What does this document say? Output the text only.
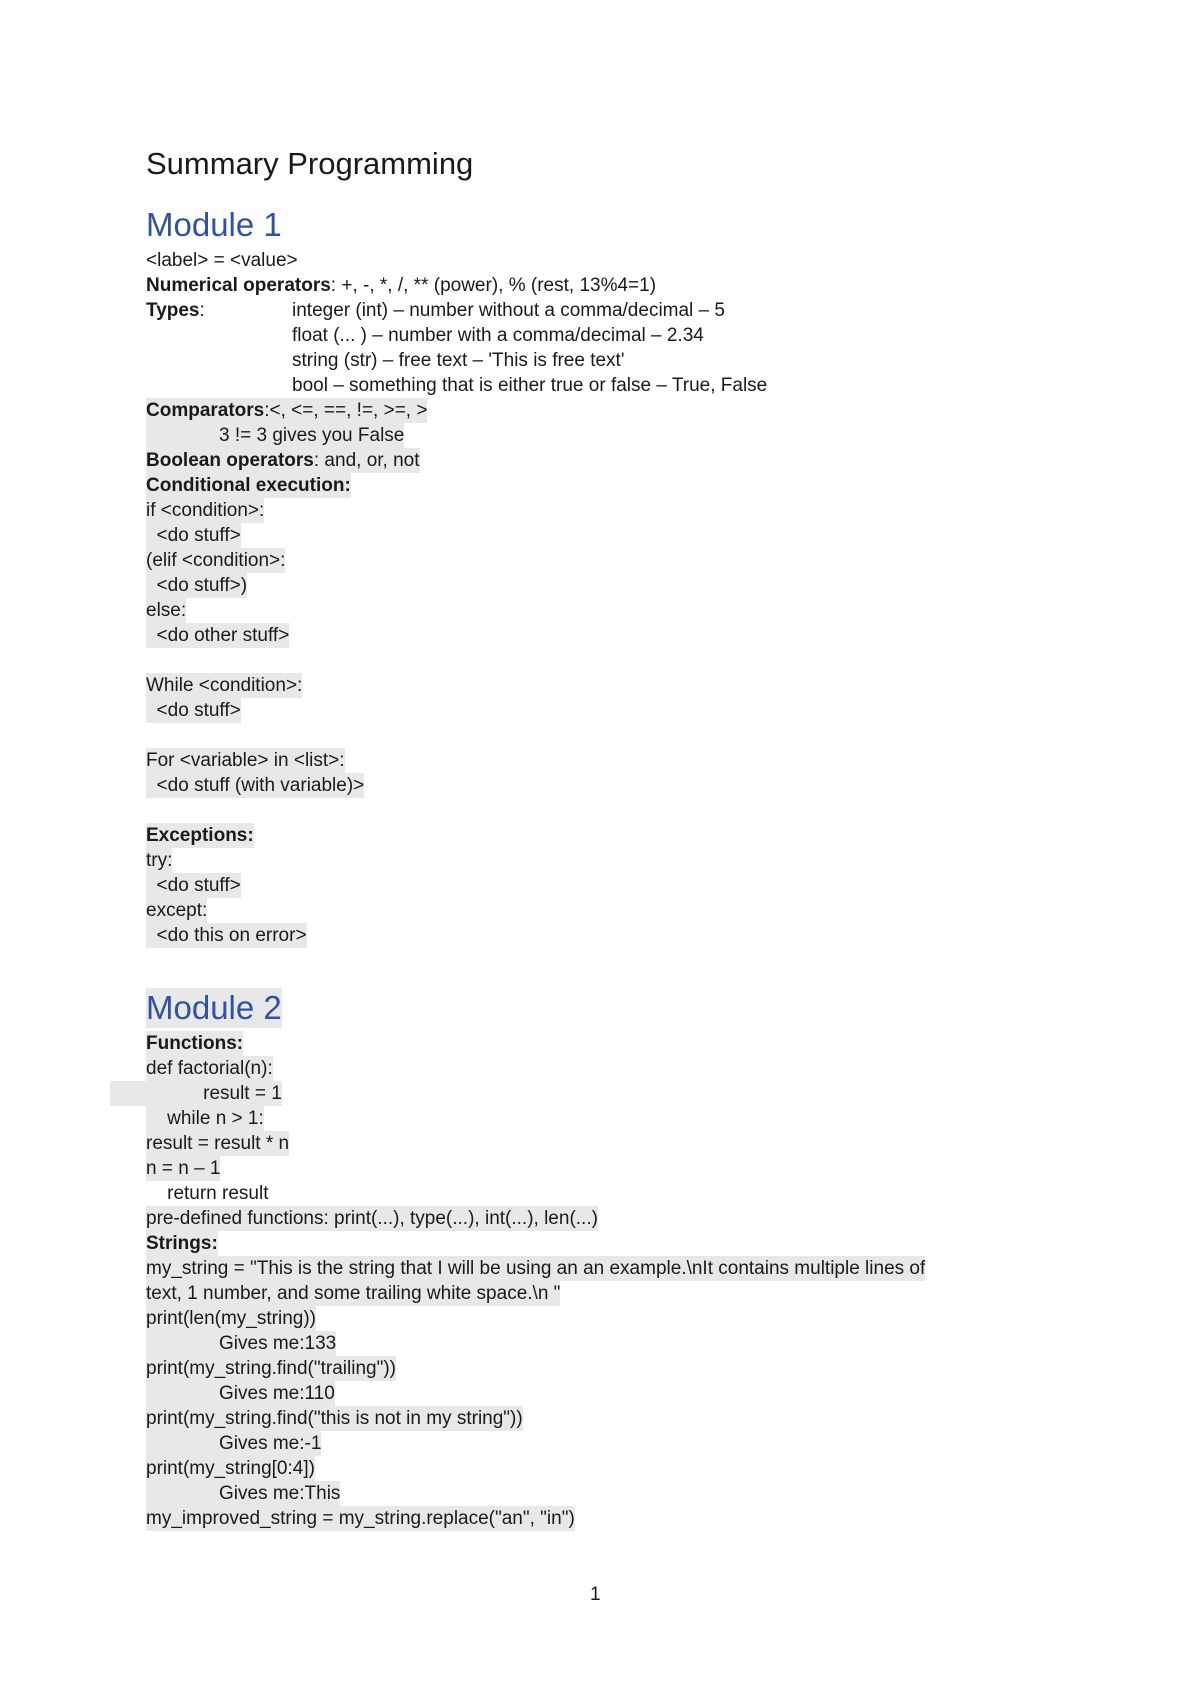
Summary Programming
Module 1
<label> = <value>
Numerical operators: +, -, *, /, ** (power), % (rest, 13%4=1)
Types:	integer (int) – number without a comma/decimal – 5
float (... ) – number with a comma/decimal – 2.34
string (str) – free text – 'This is free text'
bool – something that is either true or false – True, False
Comparators:<, <=, ==, !=, >=, >
3 != 3 gives you False
Boolean operators: and, or, not
Conditional execution:
if <condition>:
<do stuff>
(elif <condition>:
<do stuff>)
else:
<do other stuff>
While <condition>:
<do stuff>
For <variable> in <list>:
<do stuff (with variable)>
Exceptions:
try:
<do stuff>
except:
<do this on error>
Module 2
Functions:
def factorial(n):
result = 1
while n > 1:
result = result * n
n = n – 1
return result
pre-defined functions: print(...), type(...), int(...), len(...)
Strings:
my_string = "This is the string that I will be using an an example.\nIt contains multiple lines of
text, 1 number, and some trailing white space.\n "
print(len(my_string))
Gives me:133
print(my_string.find("trailing"))
Gives me:110
print(my_string.find("this is not in my string"))
Gives me:-1
print(my_string[0:4])
Gives me:This
my_improved_string = my_string.replace("an", "in")
1
